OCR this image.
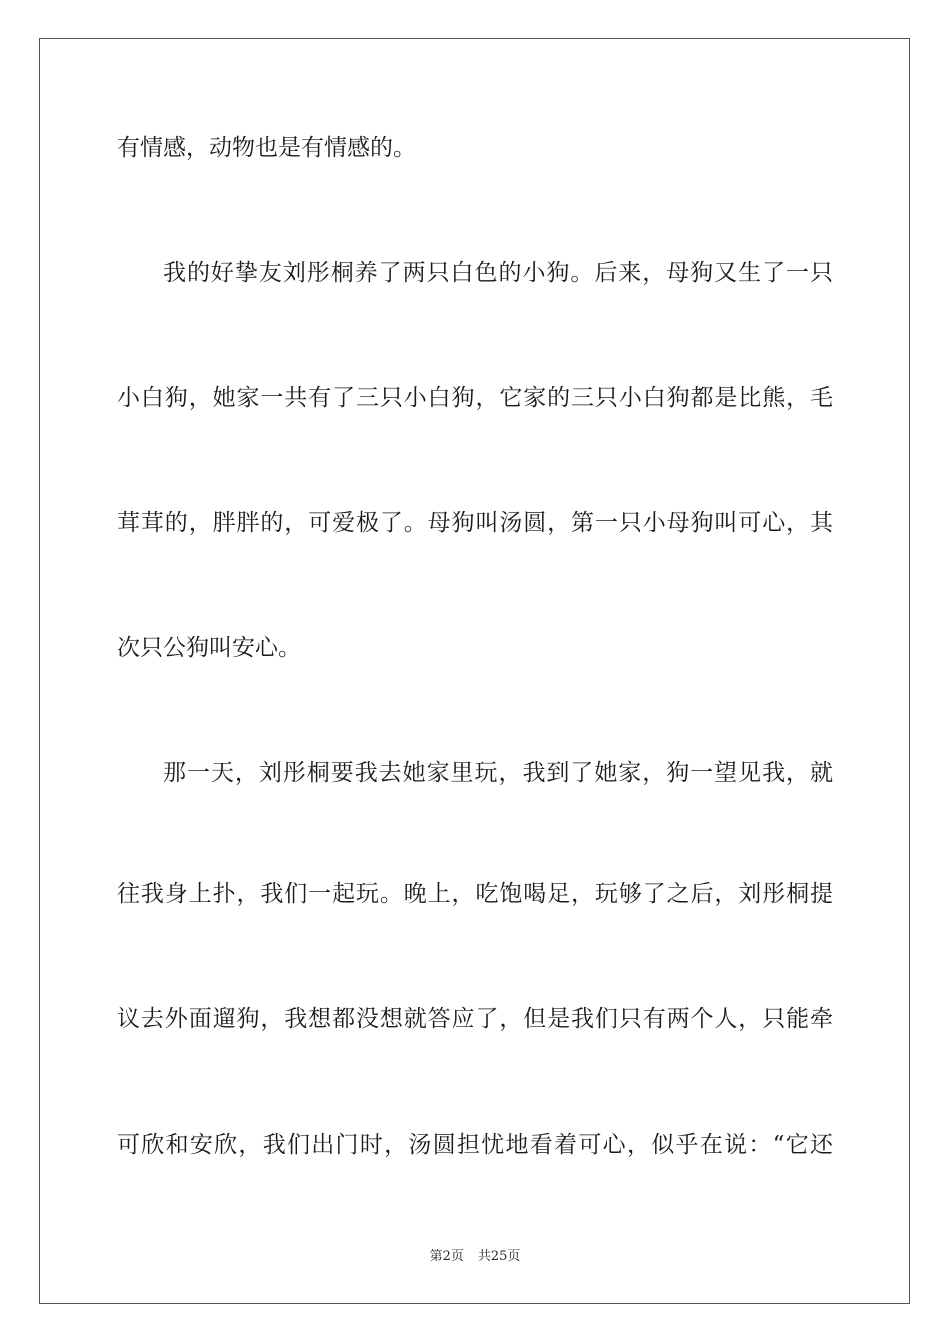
有情感，动物也是有情感的。
我的好挚友刘彤桐养了两只白色的小狗。后来，母狗又生了一只
小白狗，她家一共有了三只小白狗，它家的三只小白狗都是比熊，毛
茸茸的，胖胖的，可爱极了。母狗叫汤圆，第一只小母狗叫可心，其
次只公狗叫安心。
那一天，刘彤桐要我去她家里玩，我到了她家，狗一望见我，就
往我身上扑，我们一起玩。晚上，吃饱喝足，玩够了之后，刘彤桐提
议去外面遛狗，我想都没想就答应了，但是我们只有两个人，只能牵
可欣和安欣，我们出门时，汤圆担忧地看着可心，似乎在说：“它还
第2页 共25页
